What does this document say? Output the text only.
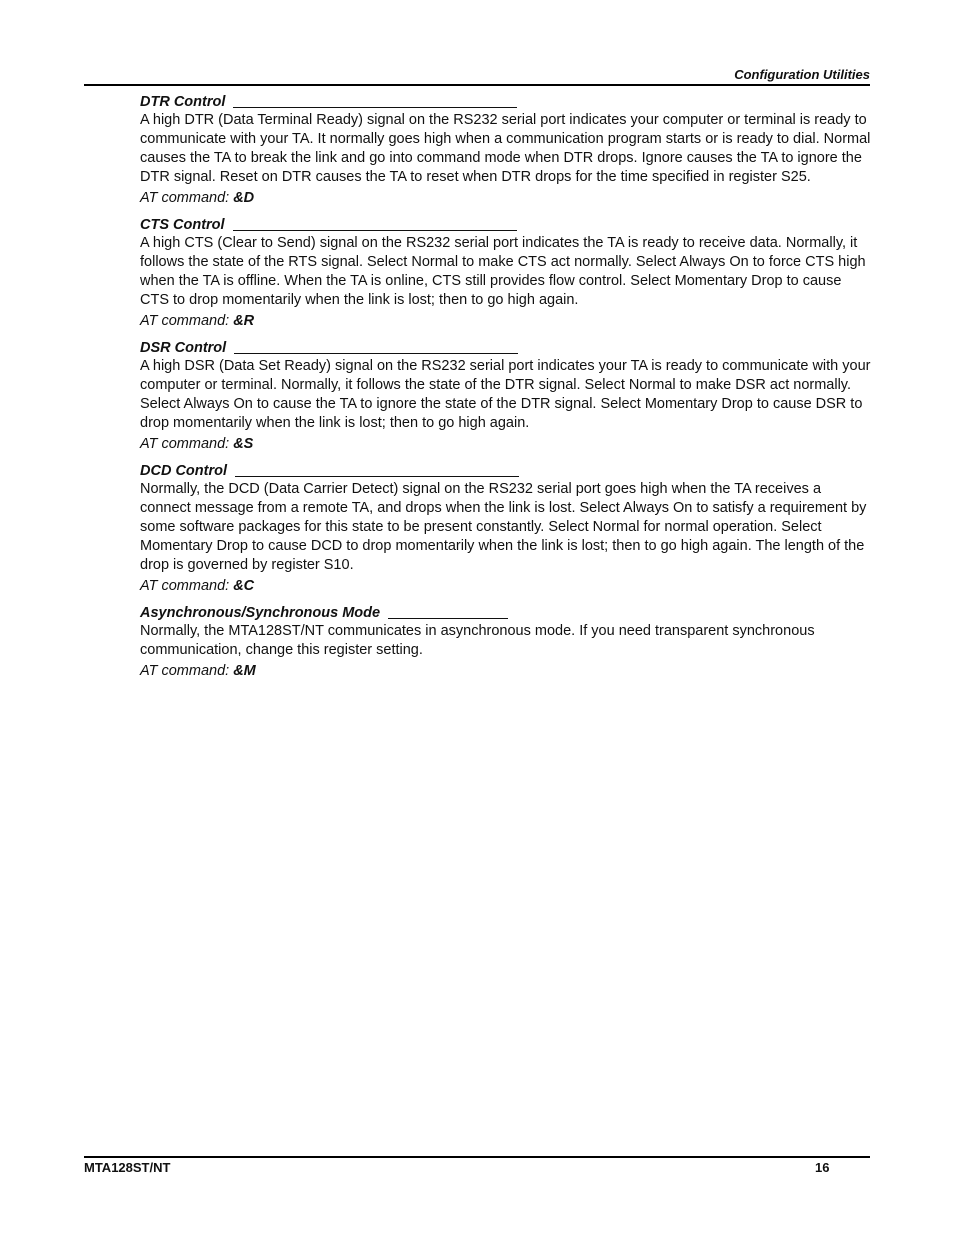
Configuration Utilities
DTR Control

A high DTR (Data Terminal Ready) signal on the RS232 serial port indicates your computer or terminal is ready to communicate with your TA. It normally goes high when a communication program starts or is ready to dial. Normal causes the TA to break the link and go into command mode when DTR drops. Ignore causes the TA to ignore the DTR signal. Reset on DTR causes the TA to reset when DTR drops for the time specified in register S25.

AT command: &D
CTS Control

A high CTS (Clear to Send) signal on the RS232 serial port indicates the TA is ready to receive data. Normally, it follows the state of the RTS signal. Select Normal to make CTS act normally. Select Always On to force CTS high when the TA is offline. When the TA is online, CTS still provides flow control. Select Momentary Drop to cause CTS to drop momentarily when the link is lost; then to go high again.

AT command: &R
DSR Control

A high DSR (Data Set Ready) signal on the RS232 serial port indicates your TA is ready to communicate with your computer or terminal. Normally, it follows the state of the DTR signal. Select Normal to make DSR act normally. Select Always On to cause the TA to ignore the state of the DTR signal. Select Momentary Drop to cause DSR to drop momentarily when the link is lost; then to go high again.

AT command: &S
DCD Control

Normally, the DCD (Data Carrier Detect) signal on the RS232 serial port goes high when the TA receives a connect message from a remote TA, and drops when the link is lost. Select Always On to satisfy a requirement by some software packages for this state to be present constantly. Select Normal for normal operation. Select Momentary Drop to cause DCD to drop momentarily when the link is lost; then to go high again. The length of the drop is governed by register S10.

AT command: &C
Asynchronous/Synchronous Mode

Normally, the MTA128ST/NT communicates in asynchronous mode. If you need transparent synchronous communication, change this register setting.

AT command: &M
MTA128ST/NT	16
